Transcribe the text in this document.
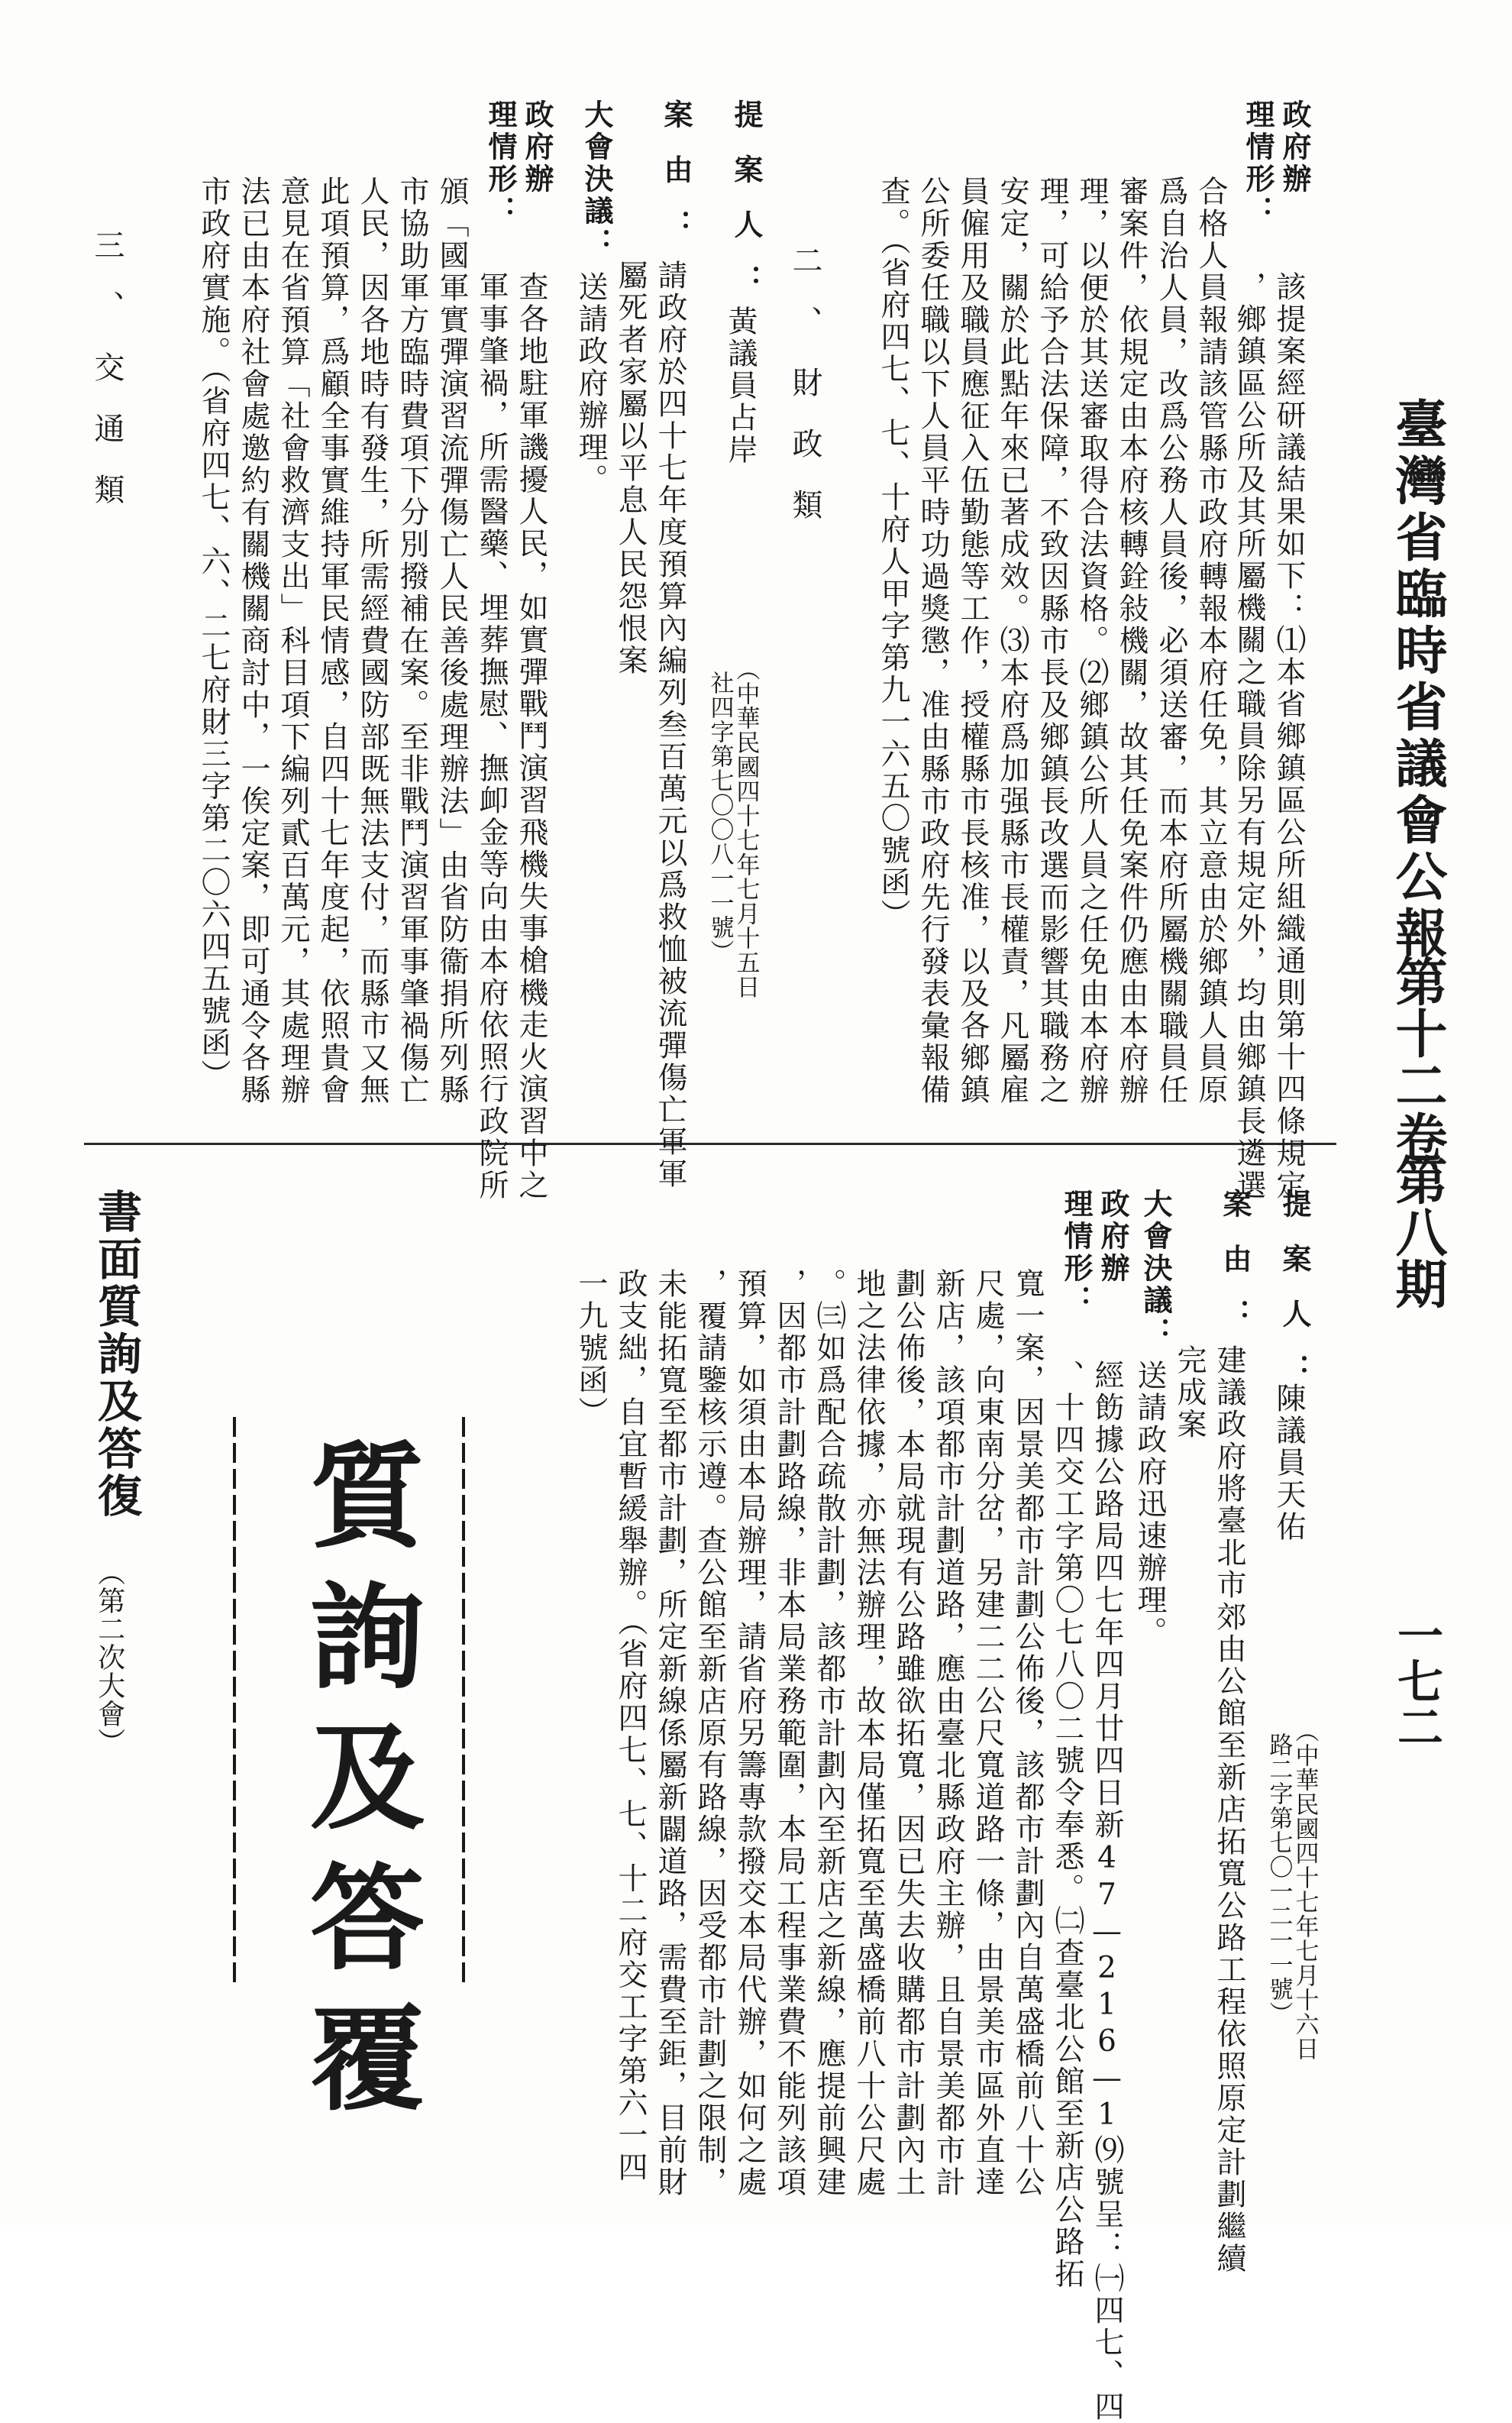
臺灣省臨時省議會公報
第十二卷
第八期
一七二
政府辦
理情形：
該提案經研議結果如下：⑴本省鄉鎮區公所組織通則第十四條規定
，鄉鎮區公所及其所屬機關之職員除另有規定外，均由鄉鎮長遴選
合格人員報請該管縣市政府轉報本府任免，其立意由於鄉鎮人員原
爲自治人員，改爲公務人員後，必須送審，而本府所屬機關職員任
審案件，依規定由本府核轉銓敍機關，故其任免案件仍應由本府辦
理，以便於其送審取得合法資格。⑵鄉鎮公所人員之任免由本府辦
理，可給予合法保障，不致因縣市長及鄉鎮長改選而影響其職務之
安定，關於此點年來已著成效。⑶本府爲加强縣市長權責，凡屬雇
員僱用及職員應征入伍勤態等工作，授權縣市長核准，以及各鄉鎮
公所委任職以下人員平時功過獎懲，准由縣市政府先行發表彙報備
查。（省府四七、七、十府人甲字第九一六五〇號函）
二、財政類
提案人：
黃議員占岸
（中華民國四十七年七月十五日
社四字第七〇〇八一一號）
案由：
請政府於四十七年度預算內編列叁百萬元以爲救恤被流彈傷亡軍軍
屬死者家屬以平息人民怨恨案
大會決議：
送請政府辦理。
政府辦
理情形：
查各地駐軍譏擾人民，如實彈戰鬥演習飛機失事槍機走火演習中之
軍事肇禍，所需醫藥、埋葬撫慰、撫卹金等向由本府依照行政院所
頒「國軍實彈演習流彈傷亡人民善後處理辦法」由省防衞捐所列縣
市協助軍方臨時費項下分別撥補在案。至非戰鬥演習軍事肇禍傷亡
人民，因各地時有發生，所需經費國防部既無法支付，而縣市又無
此項預算，爲顧全事實維持軍民情感，自四十七年度起，依照貴會
意見在省預算「社會救濟支出」科目項下編列貳百萬元，其處理辦
法已由本府社會處邀約有關機關商討中，一俟定案，即可通令各縣
市政府實施。（省府四七、六、二七府財三字第二〇六四五號函）
三、交通類
提案人：
陳議員天佑
（中華民國四十七年七月十六日
路二字第七〇一二一一號）
案由：
建議政府將臺北市郊由公館至新店拓寬公路工程依照原定計劃繼續
完成案
大會決議：
送請政府迅速辦理。
政府辦
理情形：
經飭據公路局四七年四月廿四日新47—216—1⑼號呈：㈠四七、四
、十四交工字第〇七八〇二號令奉悉。㈡查臺北公館至新店公路拓
寬一案，因景美都市計劃公佈後，該都市計劃內自萬盛橋前八十公
尺處，向東南分岔，另建二二公尺寬道路一條，由景美市區外直達
新店，該項都市計劃道路，應由臺北縣政府主辦，且自景美都市計
劃公佈後，本局就現有公路雖欲拓寬，因已失去收購都市計劃內土
地之法律依據，亦無法辦理，故本局僅拓寬至萬盛橋前八十公尺處
。㈢如爲配合疏散計劃，該都市計劃內至新店之新線，應提前興建
，因都市計劃路線，非本局業務範圍，本局工程事業費不能列該項
預算，如須由本局辦理，請省府另籌專款撥交本局代辦，如何之處
，覆請鑒核示遵。查公館至新店原有路線，因受都市計劃之限制，
未能拓寬至都市計劃，所定新線係屬新闢道路，需費至鉅，目前財
政支絀，自宜暫緩舉辦。（省府四七、七、十二府交工字第六一四
一九號函）
質詢及答覆
書面質詢及答復
（第二次大會）
